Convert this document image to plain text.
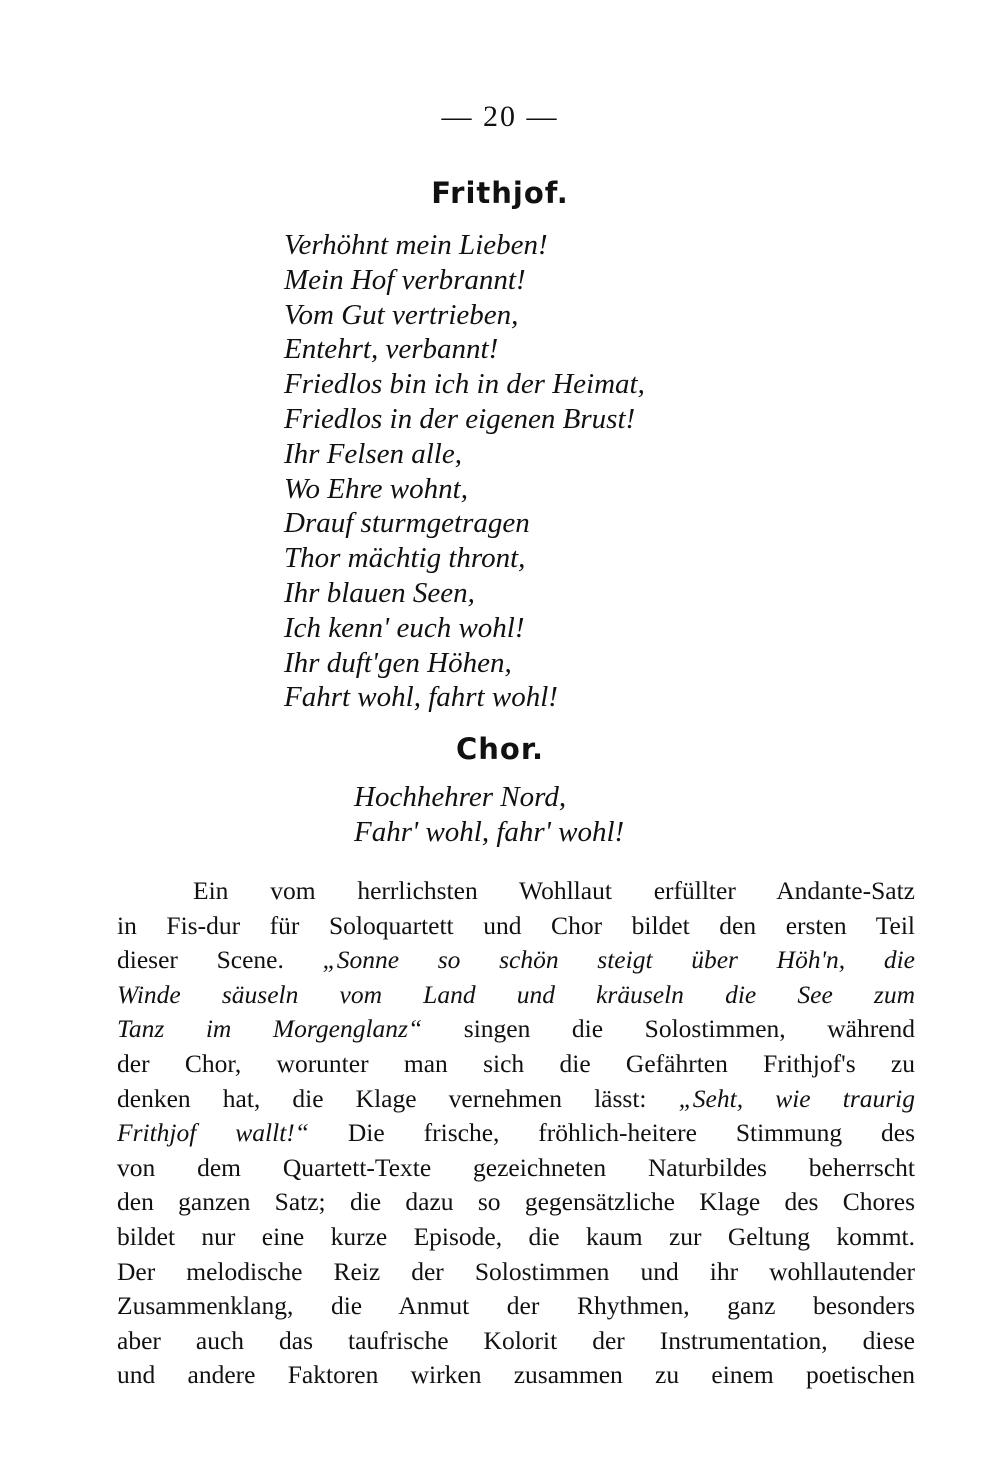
— 20 —
Frithjof.
Verhöhnt mein Lieben!
Mein Hof verbrannt!
Vom Gut vertrieben,
Entehrt, verbannt!
Friedlos bin ich in der Heimat,
Friedlos in der eigenen Brust!
Ihr Felsen alle,
Wo Ehre wohnt,
Drauf sturmgetragen
Thor mächtig thront,
Ihr blauen Seen,
Ich kenn' euch wohl!
Ihr duft'gen Höhen,
Fahrt wohl, fahrt wohl!
Chor.
Hochhehrer Nord,
Fahr' wohl, fahr' wohl!
Ein vom herrlichsten Wohllaut erfüllter Andante-Satz
in Fis-dur für Soloquartett und Chor bildet den ersten Teil
dieser Scene. „Sonne so schön steigt über Höh'n, die
Winde säuseln vom Land und kräuseln die See zum
Tanz im Morgenglanz“ singen die Solostimmen, während
der Chor, worunter man sich die Gefährten Frithjof's zu
denken hat, die Klage vernehmen lässt: „Seht, wie traurig
Frithjof wallt!“ Die frische, fröhlich-heitere Stimmung des
von dem Quartett-Texte gezeichneten Naturbildes beherrscht
den ganzen Satz; die dazu so gegensätzliche Klage des Chores
bildet nur eine kurze Episode, die kaum zur Geltung kommt.
Der melodische Reiz der Solostimmen und ihr wohllautender
Zusammenklang, die Anmut der Rhythmen, ganz besonders
aber auch das taufrische Kolorit der Instrumentation, diese
und andere Faktoren wirken zusammen zu einem poetischen
